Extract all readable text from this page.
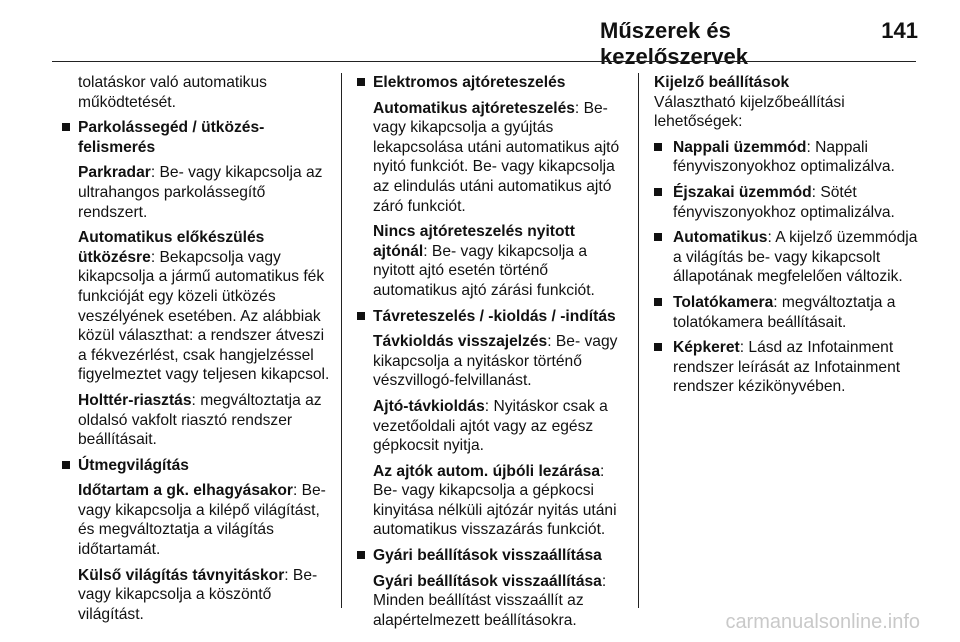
Műszerek és kezelőszervek
141

tolatáskor való automatikus működtetését.

Parkolássegéd / ütközés-felismerés

Parkradar: Be- vagy kikapcsolja az ultrahangos parkolássegítő rendszert.

Automatikus előkészülés ütközésre: Bekapcsolja vagy kikapcsolja a jármű automatikus fék funkcióját egy közeli ütközés veszélyének esetében. Az alábbiak közül választhat: a rendszer átveszi a fékvezérlést, csak hangjelzéssel figyelmeztet vagy teljesen kikapcsol.

Holttér-riasztás: megváltoztatja az oldalsó vakfolt riasztó rendszer beállításait.

Útmegvilágítás

Időtartam a gk. elhagyásakor: Be- vagy kikapcsolja a kilépő világítást, és megváltoztatja a világítás időtartamát.

Külső világítás távnyitáskor: Be- vagy kikapcsolja a köszöntő világítást.

Elektromos ajtóreteszelés

Automatikus ajtóreteszelés: Be- vagy kikapcsolja a gyújtás lekapcsolása utáni automatikus ajtó nyitó funkciót. Be- vagy kikapcsolja az elindulás utáni automatikus ajtó záró funkciót.

Nincs ajtóreteszelés nyitott ajtónál: Be- vagy kikapcsolja a nyitott ajtó esetén történő automatikus ajtó zárási funkciót.

Távreteszelés / -kioldás / -indítás

Távkioldás visszajelzés: Be- vagy kikapcsolja a nyitáskor történő vészvillogó-felvillanást.

Ajtó-távkioldás: Nyitáskor csak a vezetőoldali ajtót vagy az egész gépkocsit nyitja.

Az ajtók autom. újbóli lezárása: Be- vagy kikapcsolja a gépkocsi kinyitása nélküli ajtózár nyitás utáni automatikus visszazárás funkciót.

Gyári beállítások visszaállítása

Gyári beállítások visszaállítása: Minden beállítást visszaállít az alapértelmezett beállításokra.

Kijelző beállítások

Választható kijelzőbeállítási lehetőségek:

Nappali üzemmód: Nappali fényviszonyokhoz optimalizálva.
Éjszakai üzemmód: Sötét fényviszonyokhoz optimalizálva.
Automatikus: A kijelző üzemmódja a világítás be- vagy kikapcsolt állapotának megfelelően változik.
Tolatókamera: megváltoztatja a tolatókamera beállításait.
Képkeret: Lásd az Infotainment rendszer leírását az Infotainment rendszer kézikönyvében.
carmanualsonline.info
